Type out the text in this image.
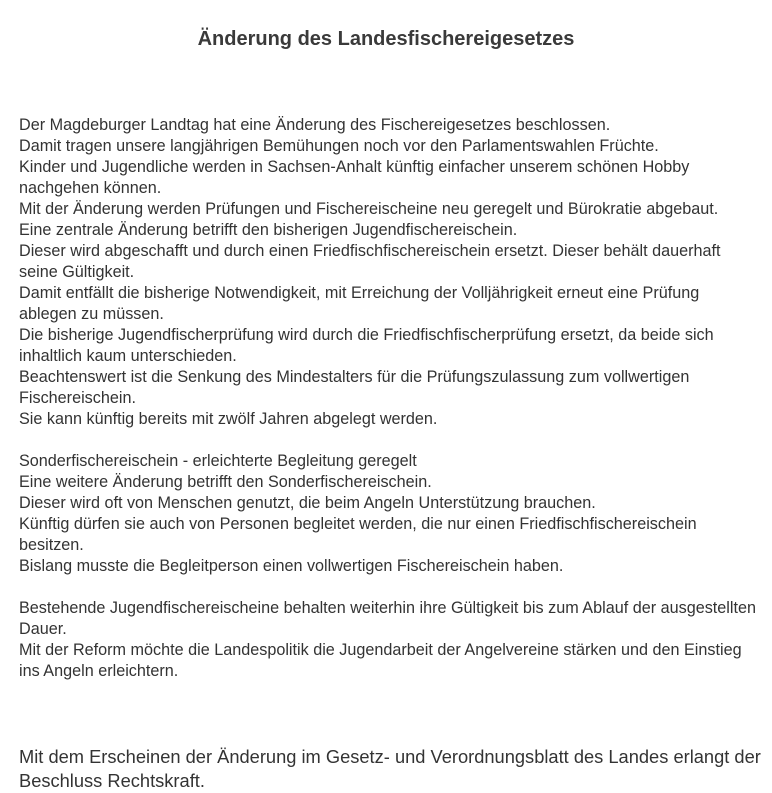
Änderung des Landesfischereigesetzes
Der Magdeburger Landtag hat eine Änderung des Fischereigesetzes beschlossen.
Damit tragen unsere langjährigen Bemühungen noch vor den Parlamentswahlen Früchte.
Kinder und Jugendliche werden in Sachsen-Anhalt künftig einfacher unserem schönen Hobby nachgehen können.
Mit der Änderung werden Prüfungen und Fischereischeine neu geregelt und Bürokratie abgebaut.
Eine zentrale Änderung betrifft den bisherigen Jugendfischereischein.
Dieser wird abgeschafft und durch einen Friedfischfischereischein ersetzt. Dieser behält dauerhaft seine Gültigkeit.
Damit entfällt die bisherige Notwendigkeit, mit Erreichung der Volljährigkeit erneut eine Prüfung ablegen zu müssen.
Die bisherige Jugendfischerprüfung wird durch die Friedfischfischerprüfung ersetzt, da beide sich inhaltlich kaum unterschieden.
Beachtenswert ist die Senkung des Mindestalters für die Prüfungszulassung zum vollwertigen Fischereischein.
Sie kann künftig bereits mit zwölf Jahren abgelegt werden.
Sonderfischereischein - erleichterte Begleitung geregelt
Eine weitere Änderung betrifft den Sonderfischereischein.
Dieser wird oft von Menschen genutzt, die beim Angeln Unterstützung brauchen.
Künftig dürfen sie auch von Personen begleitet werden, die nur einen Friedfischfischereischein besitzen.
Bislang musste die Begleitperson einen vollwertigen Fischereischein haben.
Bestehende Jugendfischereischeine behalten weiterhin ihre Gültigkeit bis zum Ablauf der ausgestellten Dauer.
Mit der Reform möchte die Landespolitik die Jugendarbeit der Angelvereine stärken und den Einstieg ins Angeln erleichtern.

Mit dem Erscheinen der Änderung im Gesetz- und Verordnungsblatt des Landes erlangt der Beschluss Rechtskraft.
